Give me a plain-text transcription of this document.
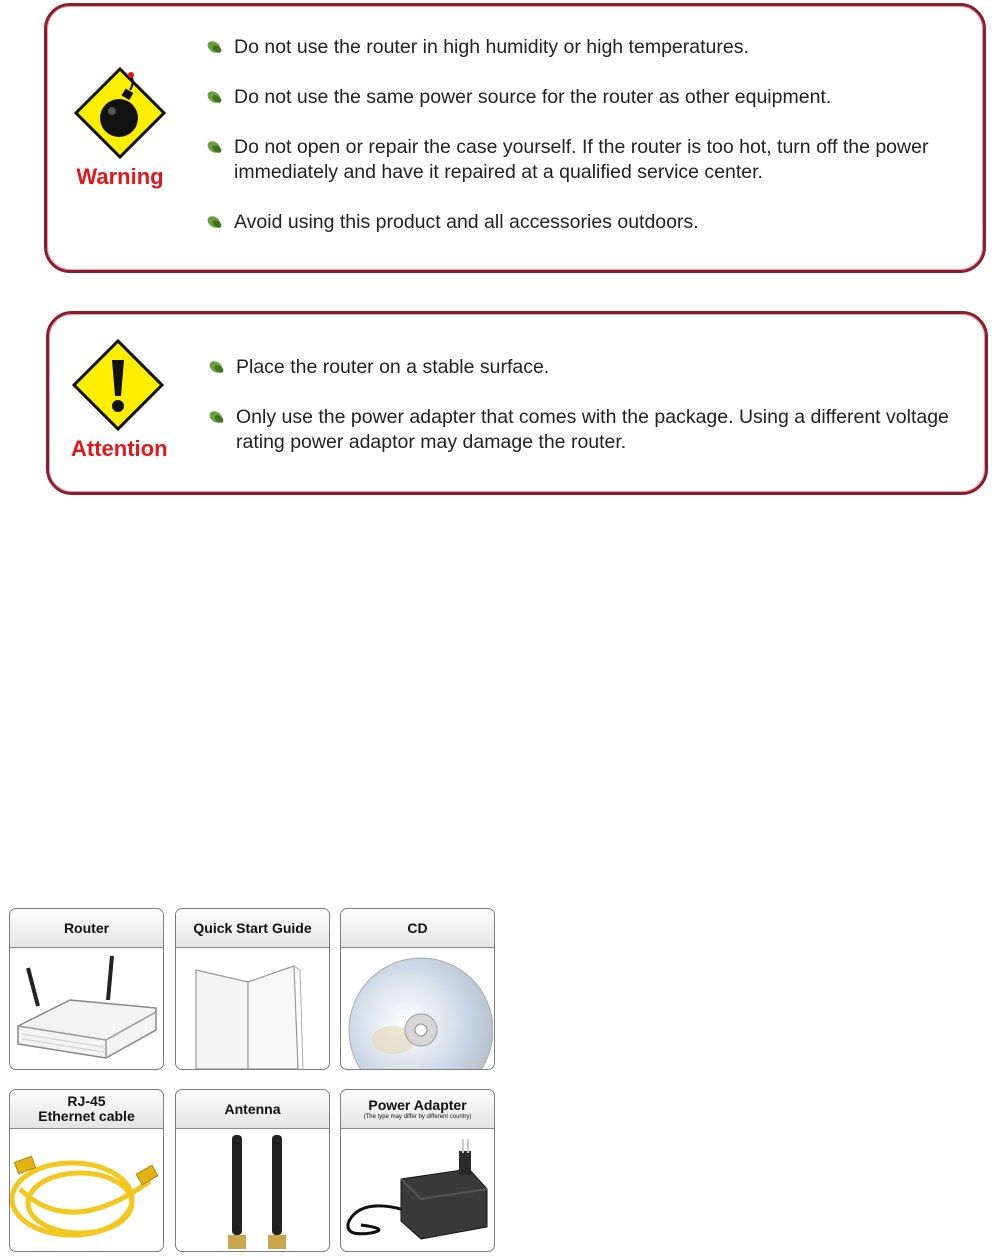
Warning
Do not use the router in high humidity or high temperatures.
Do not use the same power source for the router as other equipment.
Do not open or repair the case yourself. If the router is too hot, turn off the power immediately and have it repaired at a qualified service center.
Avoid using this product and all accessories outdoors.
Attention
Place the router on a stable surface.
Only use the power adapter that comes with the package. Using a different voltage rating power adaptor may damage the router.
Router	Quick Start Guide	CD
RJ-45
Ethernet cable	Antenna	Power Adapter
(The type may differ by different country)
